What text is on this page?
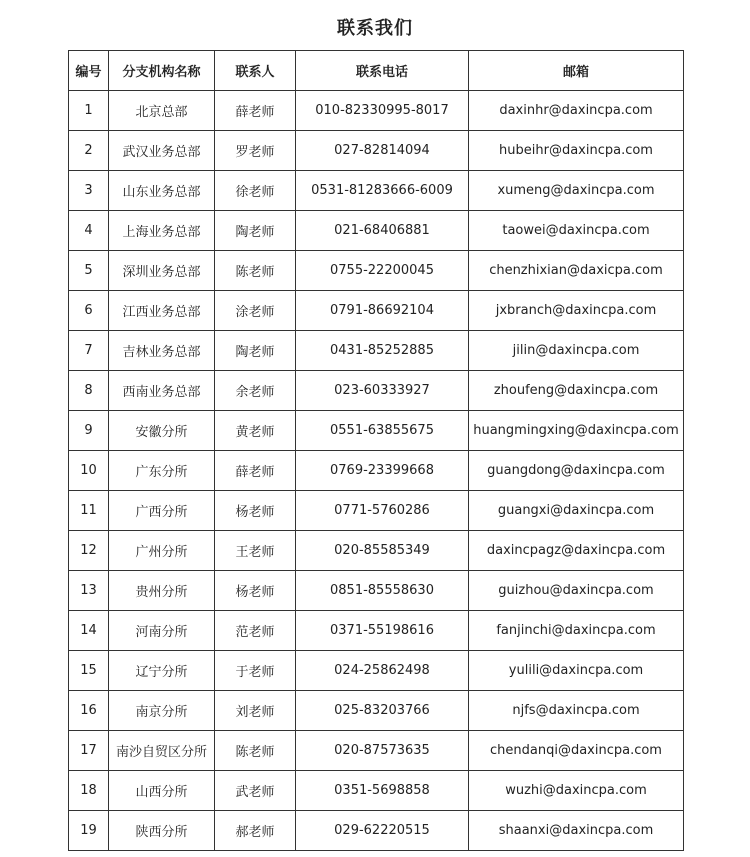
联系我们
编号	分支机构名称	联系人	联系电话	邮箱
1	北京总部	薛老师	010-82330995-8017	daxinhr@daxincpa.com
2	武汉业务总部	罗老师	027-82814094	hubeihr@daxincpa.com
3	山东业务总部	徐老师	0531-81283666-6009	xumeng@daxincpa.com
4	上海业务总部	陶老师	021-68406881	taowei@daxincpa.com
5	深圳业务总部	陈老师	0755-22200045	chenzhixian@daxicpa.com
6	江西业务总部	涂老师	0791-86692104	jxbranch@daxincpa.com
7	吉林业务总部	陶老师	0431-85252885	jilin@daxincpa.com
8	西南业务总部	余老师	023-60333927	zhoufeng@daxincpa.com
9	安徽分所	黄老师	0551-63855675	huangmingxing@daxincpa.com
10	广东分所	薛老师	0769-23399668	guangdong@daxincpa.com
11	广西分所	杨老师	0771-5760286	guangxi@daxincpa.com
12	广州分所	王老师	020-85585349	daxincpagz@daxincpa.com
13	贵州分所	杨老师	0851-85558630	guizhou@daxincpa.com
14	河南分所	范老师	0371-55198616	fanjinchi@daxincpa.com
15	辽宁分所	于老师	024-25862498	yulili@daxincpa.com
16	南京分所	刘老师	025-83203766	njfs@daxincpa.com
17	南沙自贸区分所	陈老师	020-87573635	chendanqi@daxincpa.com
18	山西分所	武老师	0351-5698858	wuzhi@daxincpa.com
19	陕西分所	郝老师	029-62220515	shaanxi@daxincpa.com
